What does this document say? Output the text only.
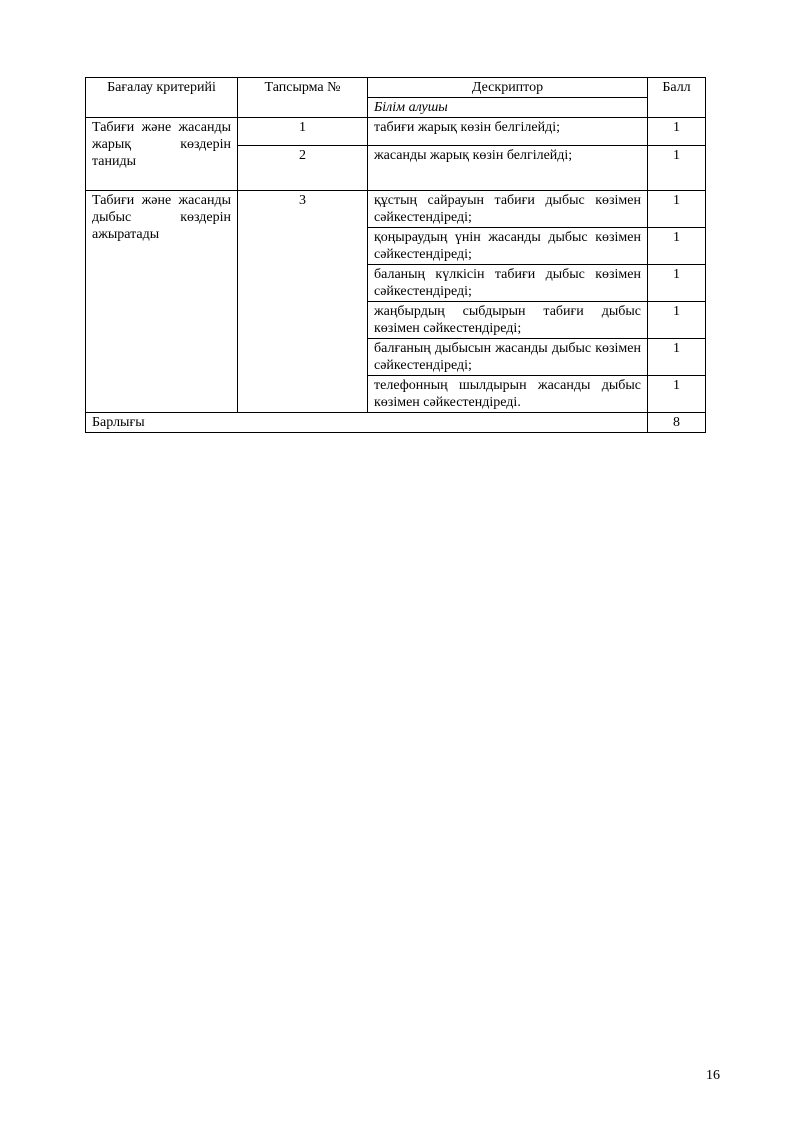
Бағалау критерийі	Тапсырма №	Дескриптор	Балл
		Білім алушы	
Табиғи және жасанды жарық көздерін таниды	1	табиғи жарық көзін белгілейді;	1
	2	жасанды жарық көзін белгілейді;	1
Табиғи және жасанды дыбыс көздерін ажыратады	3	құстың сайрауын табиғи дыбыс көзімен сәйкестендіреді;	1
		қоңыраудың үнін жасанды дыбыс көзімен сәйкестендіреді;	1
		баланың күлкісін табиғи дыбыс көзімен сәйкестендіреді;	1
		жаңбырдың сыбдырын табиғи дыбыс көзімен сәйкестендіреді;	1
		балғаның дыбысын жасанды дыбыс көзімен сәйкестендіреді;	1
		телефонның шылдырын жасанды дыбыс көзімен сәйкестендіреді.	1
Барлығы			8
16
